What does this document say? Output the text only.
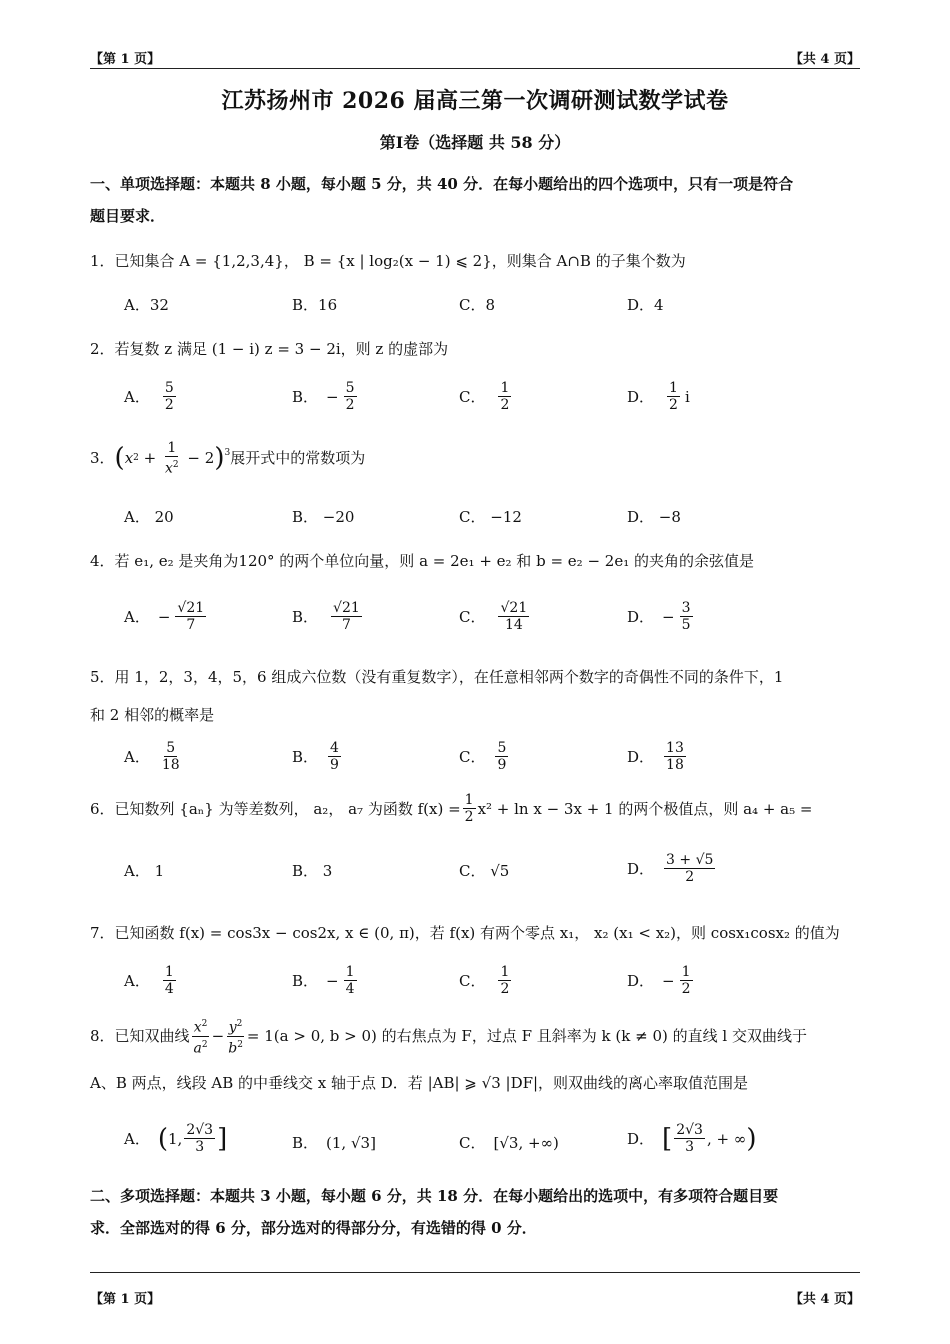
【第 1 页】	【共 4 页】
江苏扬州市 2026 届高三第一次调研测试数学试卷
第Ⅰ卷（选择题 共 58 分）
一、单项选择题：本题共 8 小题，每小题 5 分，共 40 分．在每小题给出的四个选项中，只有一项是符合
题目要求．
1．已知集合 A = {1,2,3,4}， B = {x | log₂(x − 1) ⩽ 2}，则集合 A∩B 的子集个数为
A．32	B．16	C．8	D．4
2．若复数 z 满足 (1 − i) z = 3 − 2i，则 z 的虚部为
A． $\frac{5}{2}$	B． − $\frac{5}{2}$	C． $\frac{1}{2}$	D． $\frac{1}{2}$ i
3． ( x $2 + \frac{1}{x^2} - 2$ )$^3$ 展开式中的常数项为
A． 20	B． −20	C． −12	D． −8
4．若 e₁, e₂ 是夹角为120° 的两个单位向量，则 a = 2e₁ + e₂ 和 b = e₂ − 2e₁ 的夹角的余弦值是
A． − $\frac{√21}{7}$	B． $\frac{√21}{7}$	C． $\frac{√21}{14}$	D． − $\frac{3}{5}$
5．用 1，2，3，4，5，6 组成六位数（没有重复数字），在任意相邻两个数字的奇偶性不同的条件下，1
和 2 相邻的概率是
A． $\frac{5}{18}$	B． $\frac{4}{9}$	C． $\frac{5}{9}$	D． $\frac{13}{18}$
6．已知数列 {aₙ} 为等差数列， a₂， a₇ 为函数 $f(x) = \frac{1}{2} x^2 + \ln x - 3x + 1$ 的两个极值点，则 a₄ + a₅ =
A． 1	B． 3	C． √5	D． $\frac{3 + √5}{2}$
7．已知函数 f(x) = cos3x − cos2x, x ∈ (0, π)，若 f(x) 有两个零点 x₁， x₂ (x₁ < x₂)，则 cosx₁cosx₂ 的值为
A． $\frac{1}{4}$	B． − $\frac{1}{4}$	C． $\frac{1}{2}$	D． − $\frac{1}{2}$
8．已知双曲线 $\frac{x^2}{a^2} - \frac{y^2}{b^2} = 1(a > 0$, b > 0) 的右焦点为 F，过点 F 且斜率为 k (k ≠ 0) 的直线 l 交双曲线于
A、B 两点，线段 AB 的中垂线交 x 轴于点 D．若 |AB| ⩾ √3 |DF|，则双曲线的离心率取值范围是
A． ( 1, $\frac{2√3}{3}$ ]	B． (1, √3]	C． [√3, +∞)	D． [ $\frac{2√3}{3}$ , + ∞ )
二、多项选择题：本题共 3 小题，每小题 6 分，共 18 分．在每小题给出的选项中，有多项符合题目要
求．全部选对的得 6 分，部分选对的得部分分，有选错的得 0 分．
【第 1 页】	【共 4 页】
